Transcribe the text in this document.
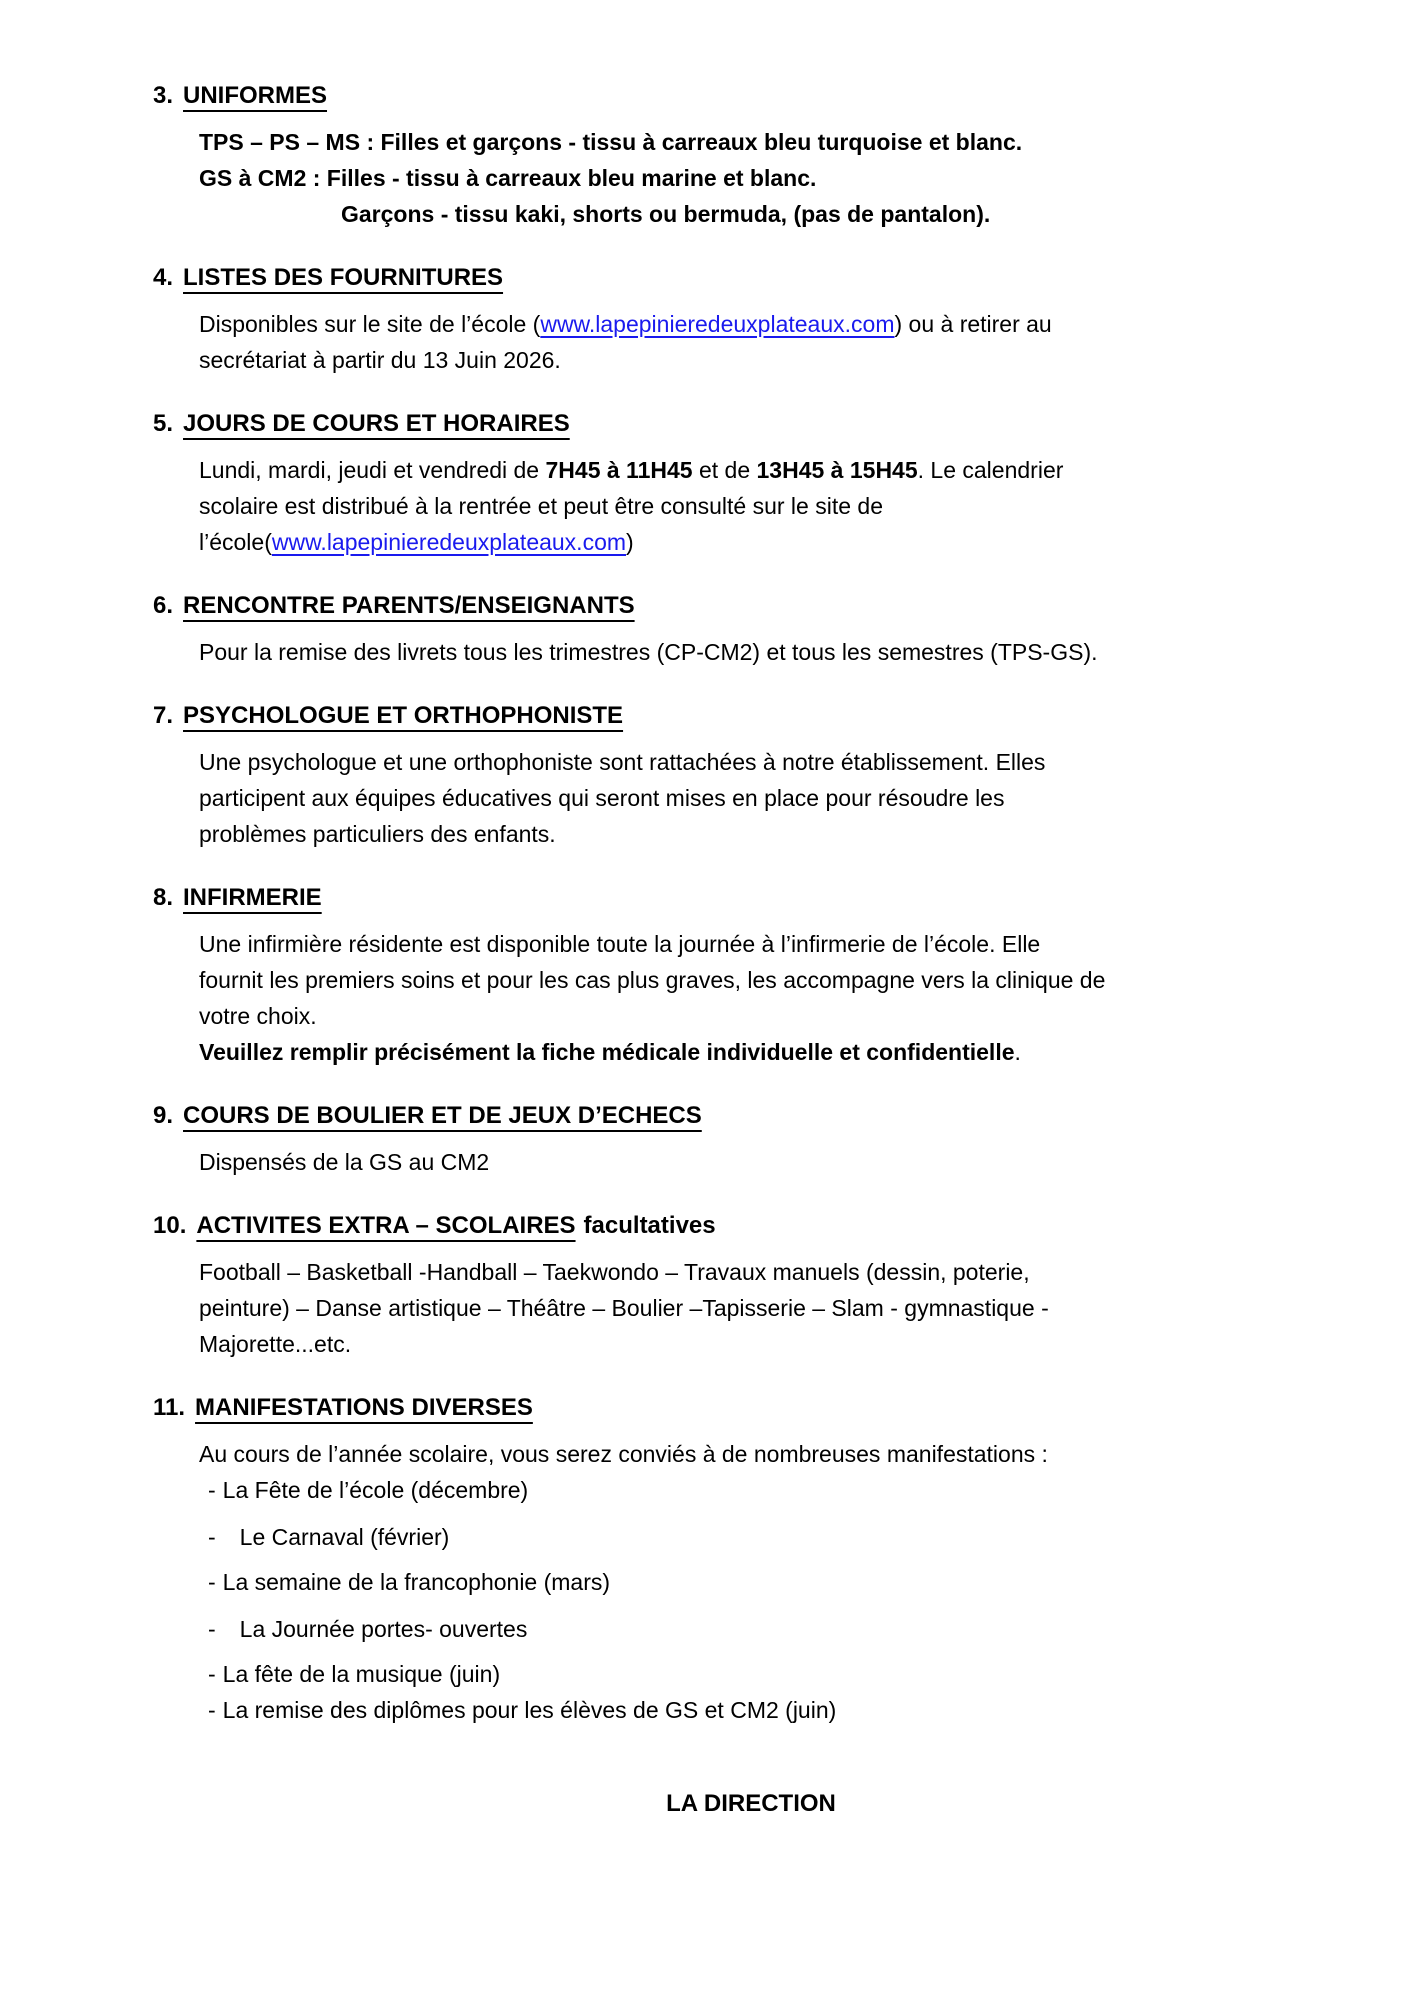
3. UNIFORMES
TPS – PS – MS : Filles et garçons - tissu à carreaux bleu turquoise et blanc.
GS à CM2 : Filles - tissu à carreaux bleu marine et blanc.
Garçons - tissu kaki, shorts ou bermuda, (pas de pantalon).
4. LISTES DES FOURNITURES
Disponibles sur le site de l’école (www.lapepinieredeuxplateaux.com) ou à retirer au
secrétariat à partir du 13 Juin 2026.
5. JOURS DE COURS ET HORAIRES
Lundi, mardi, jeudi et vendredi de 7H45 à 11H45 et de 13H45 à 15H45. Le calendrier
scolaire est distribué à la rentrée et peut être consulté sur le site de
l’école(www.lapepinieredeuxplateaux.com)
6. RENCONTRE PARENTS/ENSEIGNANTS
Pour la remise des livrets tous les trimestres (CP-CM2) et tous les semestres (TPS-GS).
7. PSYCHOLOGUE ET ORTHOPHONISTE
Une psychologue et une orthophoniste sont rattachées à notre établissement. Elles
participent aux équipes éducatives qui seront mises en place pour résoudre les
problèmes particuliers des enfants.
8. INFIRMERIE
Une infirmière résidente est disponible toute la journée à l’infirmerie de l’école. Elle
fournit les premiers soins et pour les cas plus graves, les accompagne vers la clinique de
votre choix.
Veuillez remplir précisément la fiche médicale individuelle et confidentielle.
9. COURS DE BOULIER ET DE JEUX D’ECHECS
Dispensés de la GS au CM2
10. ACTIVITES EXTRA – SCOLAIRES facultatives
Football – Basketball -Handball – Taekwondo – Travaux manuels (dessin, poterie,
peinture) – Danse artistique – Théâtre – Boulier –Tapisserie – Slam - gymnastique -
Majorette...etc.
11. MANIFESTATIONS DIVERSES
Au cours de l’année scolaire, vous serez conviés à de nombreuses manifestations :
- La Fête de l’école (décembre)
- Le Carnaval (février)
- La semaine de la francophonie (mars)
- La Journée portes- ouvertes
- La fête de la musique (juin)
- La remise des diplômes pour les élèves de GS et CM2 (juin)
LA DIRECTION
